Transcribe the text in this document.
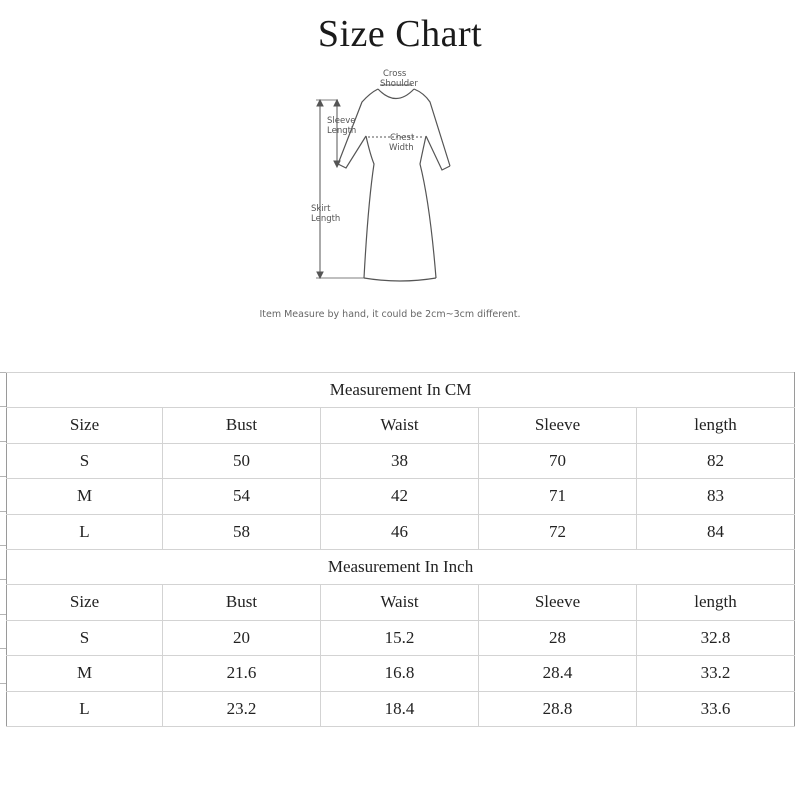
Size Chart
Cross
Shoulder
Sleeve
Length
Chest
Width
Skirt
Length
Item Measure by hand, it could be 2cm~3cm different.
Measurement In CM				
Size	Bust	Waist	Sleeve	length
S	50	38	70	82
M	54	42	71	83
L	58	46	72	84
Measurement In Inch				
Size	Bust	Waist	Sleeve	length
S	20	15.2	28	32.8
M	21.6	16.8	28.4	33.2
L	23.2	18.4	28.8	33.6
